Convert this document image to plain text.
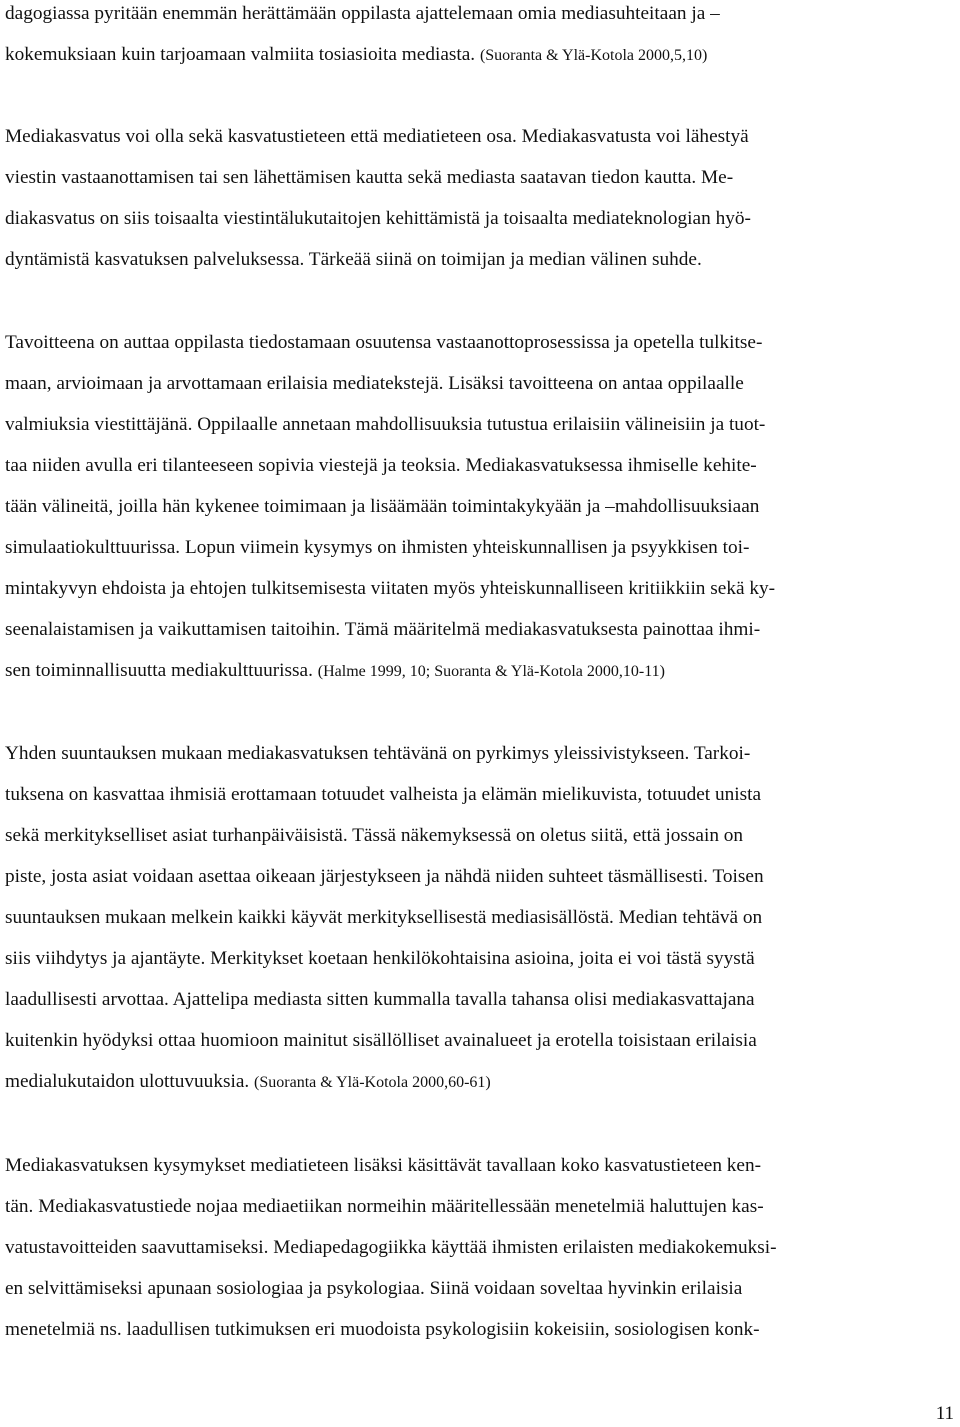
dagogiassa pyritään enemmän herättämään oppilasta ajattelemaan omia mediasuhteitaan ja –
kokemuksiaan kuin tarjoamaan valmiita tosiasioita mediasta. (Suoranta & Ylä-Kotola 2000,5,10)
Mediakasvatus voi olla sekä kasvatustieteen että mediatieteen osa. Mediakasvatusta voi lähestyä
viestin vastaanottamisen tai sen lähettämisen kautta sekä mediasta saatavan tiedon kautta. Me-
diakasvatus on siis toisaalta viestintälukutaitojen kehittämistä ja toisaalta mediateknologian hyö-
dyntämistä kasvatuksen palveluksessa. Tärkeää siinä on toimijan ja median välinen suhde.
Tavoitteena on auttaa oppilasta tiedostamaan osuutensa vastaanottoprosessissa ja opetella tulkitse-
maan, arvioimaan ja arvottamaan erilaisia mediatekstejä. Lisäksi tavoitteena on antaa oppilaalle
valmiuksia viestittäjänä. Oppilaalle annetaan mahdollisuuksia tutustua erilaisiin välineisiin ja tuot-
taa niiden avulla eri tilanteeseen sopivia viestejä ja teoksia. Mediakasvatuksessa ihmiselle kehite-
tään välineitä, joilla hän kykenee toimimaan ja lisäämään toimintakykyään ja –mahdollisuuksiaan
simulaatiokulttuurissa. Lopun viimein kysymys on ihmisten yhteiskunnallisen ja psyykkisen toi-
mintakyvyn ehdoista ja ehtojen tulkitsemisesta viitaten myös yhteiskunnalliseen kritiikkiin sekä ky-
seenalaistamisen ja vaikuttamisen taitoihin. Tämä määritelmä mediakasvatuksesta painottaa ihmi-
sen toiminnallisuutta mediakulttuurissa. (Halme 1999, 10; Suoranta & Ylä-Kotola 2000,10-11)
Yhden suuntauksen mukaan mediakasvatuksen tehtävänä on pyrkimys yleissivistykseen. Tarkoi-
tuksena on kasvattaa ihmisiä erottamaan totuudet valheista ja elämän mielikuvista, totuudet unista
sekä merkitykselliset asiat turhanpäiväisistä. Tässä näkemyksessä on oletus siitä, että jossain on
piste, josta asiat voidaan asettaa oikeaan järjestykseen ja nähdä niiden suhteet täsmällisesti. Toisen
suuntauksen mukaan melkein kaikki käyvät merkityksellisestä mediasisällöstä. Median tehtävä on
siis viihdytys ja ajantäyte. Merkitykset koetaan henkilökohtaisina asioina, joita ei voi tästä syystä
laadullisesti arvottaa. Ajattelipa mediasta sitten kummalla tavalla tahansa olisi mediakasvattajana
kuitenkin hyödyksi ottaa huomioon mainitut sisällölliset avainalueet ja erotella toisistaan erilaisia
medialukutaidon ulottuvuuksia. (Suoranta & Ylä-Kotola 2000,60-61)
Mediakasvatuksen kysymykset mediatieteen lisäksi käsittävät tavallaan koko kasvatustieteen ken-
tän. Mediakasvatustiede nojaa mediaetiikan normeihin määritellessään menetelmiä haluttujen kas-
vatustavoitteiden saavuttamiseksi. Mediapedagogiikka käyttää ihmisten erilaisten mediakokemuksi-
en selvittämiseksi apunaan sosiologiaa ja psykologiaa. Siinä voidaan soveltaa hyvinkin erilaisia
menetelmiä ns. laadullisen tutkimuksen eri muodoista psykologisiin kokeisiin, sosiologisen konk-
11
